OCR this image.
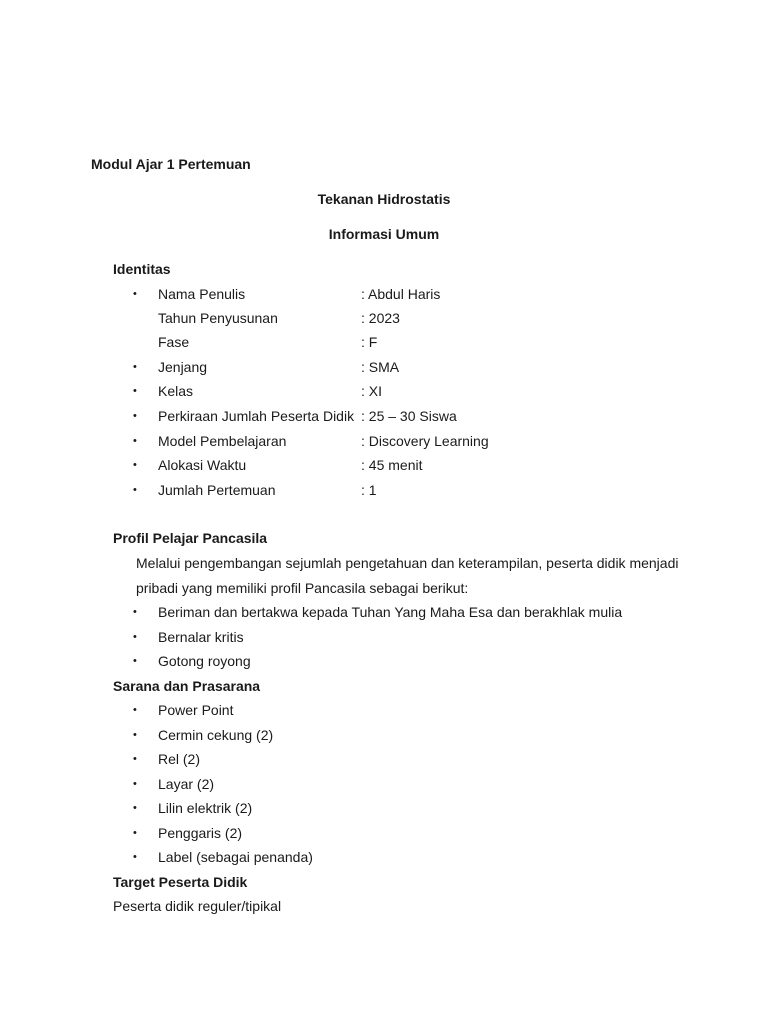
Modul Ajar 1 Pertemuan
Tekanan Hidrostatis
Informasi Umum
Identitas
• Nama Penulis	: Abdul Haris
Tahun Penyusunan	: 2023
Fase	: F
• Jenjang	: SMA
• Kelas	: XI
• Perkiraan Jumlah Peserta Didik : 25 – 30 Siswa
• Model Pembelajaran	: Discovery Learning
• Alokasi Waktu	: 45 menit
• Jumlah Pertemuan	: 1
Profil Pelajar Pancasila
Melalui pengembangan sejumlah pengetahuan dan keterampilan, peserta didik menjadi
pribadi yang memiliki profil Pancasila sebagai berikut:
• Beriman dan bertakwa kepada Tuhan Yang Maha Esa dan berakhlak mulia
• Bernalar kritis
• Gotong royong
Sarana dan Prasarana
• Power Point
• Cermin cekung (2)
• Rel (2)
• Layar (2)
• Lilin elektrik (2)
• Penggaris (2)
• Label (sebagai penanda)
Target Peserta Didik
Peserta didik reguler/tipikal
